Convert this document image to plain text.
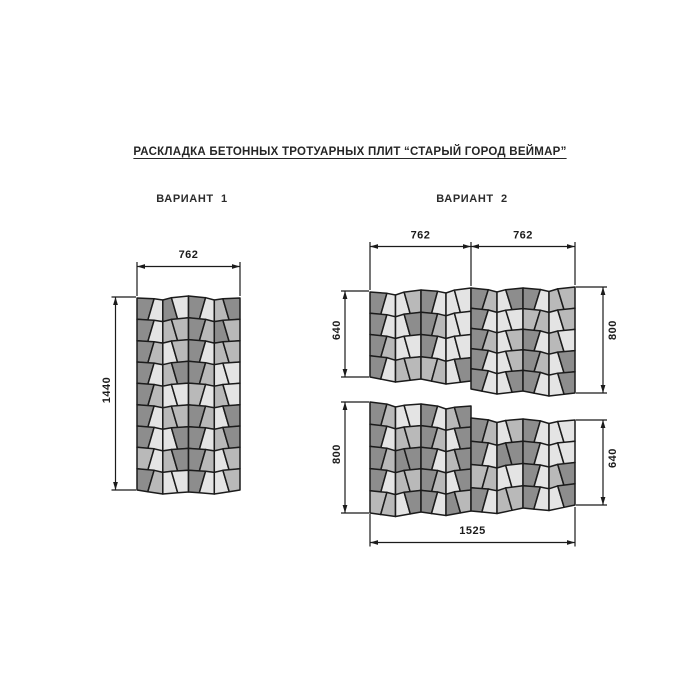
РАСКЛАДКА БЕТОННЫХ ТРОТУАРНЫХ ПЛИТ “СТАРЫЙ ГОРОД ВЕЙМАР”
ВАРИАНТ  1	ВАРИАНТ  2
762
1440
762	762
640	800
800	640
1525
